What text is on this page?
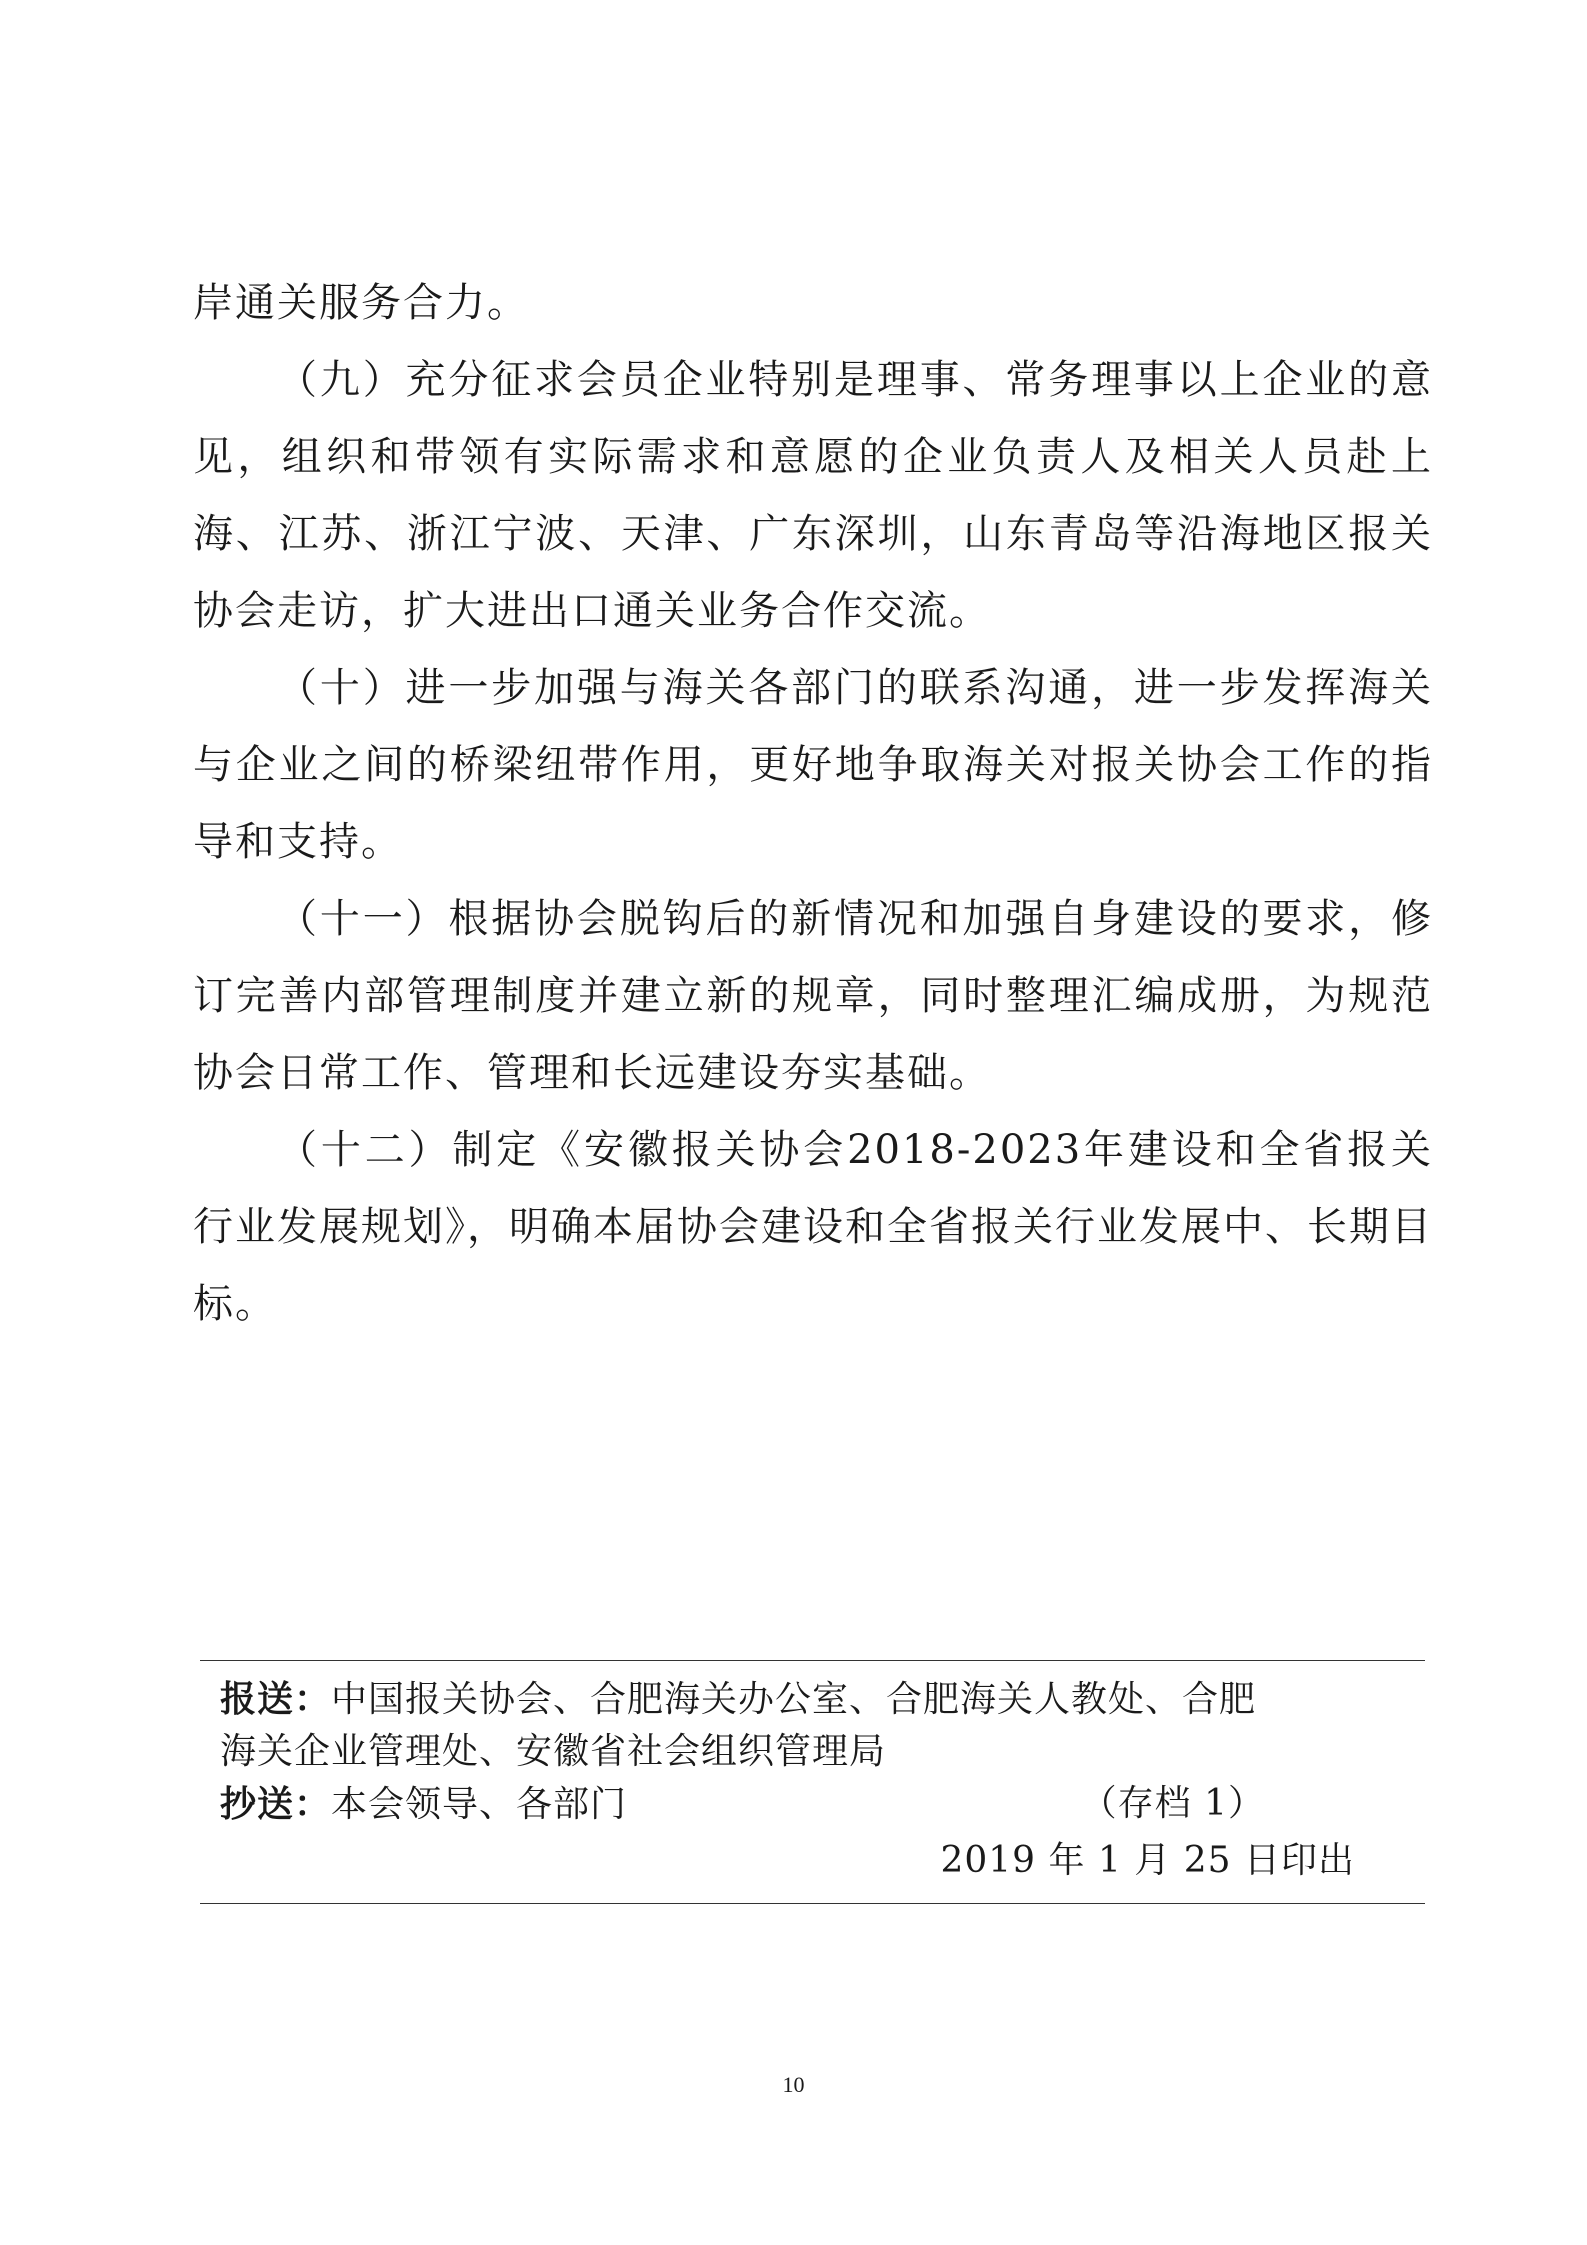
岸通关服务合力。

（九）充分征求会员企业特别是理事、常务理事以上企业的意见，组织和带领有实际需求和意愿的企业负责人及相关人员赴上海、江苏、浙江宁波、天津、广东深圳，山东青岛等沿海地区报关协会走访，扩大进出口通关业务合作交流。

（十）进一步加强与海关各部门的联系沟通，进一步发挥海关与企业之间的桥梁纽带作用，更好地争取海关对报关协会工作的指导和支持。

（十一）根据协会脱钩后的新情况和加强自身建设的要求，修订完善内部管理制度并建立新的规章，同时整理汇编成册，为规范协会日常工作、管理和长远建设夯实基础。

（十二）制定《安徽报关协会2018-2023年建设和全省报关行业发展规划》，明确本届协会建设和全省报关行业发展中、长期目标。

报送：中国报关协会、合肥海关办公室、合肥海关人教处、合肥
海关企业管理处、安徽省社会组织管理局
抄送：本会领导、各部门	（存档 1）
2019 年 1 月 25 日印出
10
